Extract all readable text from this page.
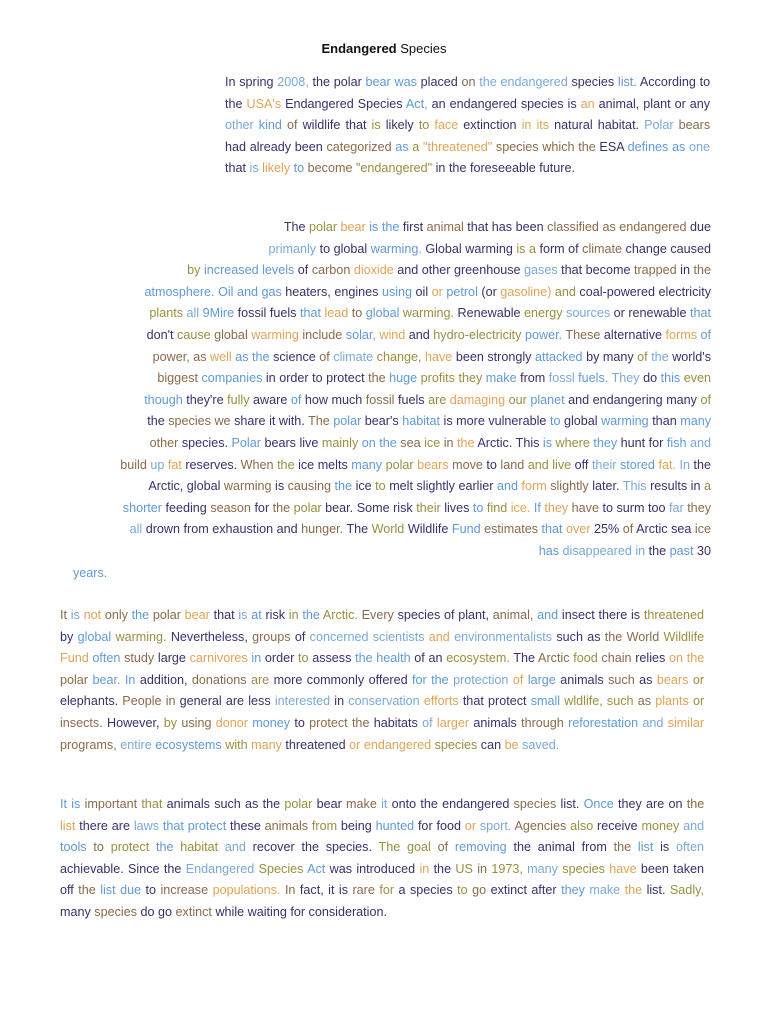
Endangered Species

In spring 2008, the polar bear was placed on the endangered species list. According to the USA's Endangered Species Act, an endangered species is an animal, plant or any other kind of wildlife that is likely to face extinction in its natural habitat. Polar bears had already been categorized as a "threatened" species which the ESA defines as one that is likely to become "endangered" in the foreseeable future.

The polar bear is the first animal that has been classified as endangered due
primanly to global warming. Global warming is a form of climate change caused
by increased levels of carbon dioxide and other greenhouse gases that become trapped in the
atmosphere. Oil and gas heaters, engines using oil or petrol (or gasoline) and coal-powered electricity
plants all 9Mire fossil fuels that lead to global warming. Renewable energy sources or renewable that
don't cause global warming include solar, wind and hydro-electricity power. These alternative forms of
power, as well as the science of climate change, have been strongly attacked by many of the world's
biggest companies in order to protect the huge profits they make from fossl fuels. They do this even
though they're fully aware of how much fossil fuels are damaging our planet and endangering many of
the species we share it with. The polar bear's habitat is more vulnerable to global warming than many
other species. Polar bears live mainly on the sea ice in the Arctic. This is where they hunt for fish and
build up fat reserves. When the ice melts many polar bears move to land and live off their stored fat. In the
Arctic, global warming is causing the ice to melt slightly earlier and form slightly later. This results in a
shorter feeding season for the polar bear. Some risk their lives to find ice. If they have to surm too far they
all drown from exhaustion and hunger. The World Wildlife Fund estimates that over 25% of Arctic sea ice
has disappeared in the past 30
years.

It is not only the polar bear that is at risk in the Arctic. Every species of plant, animal, and insect there is threatened by global warming. Nevertheless, groups of concerned scientists and environmentalists such as the World Wildlife Fund often study large carnivores in order to assess the health of an ecosystem. The Arctic food chain relies on the polar bear. In addition, donations are more commonly offered for the protection of large animals such as bears or elephants. People in general are less interested in conservation efforts that protect small wldlife, such as plants or insects. However, by using donor money to protect the habitats of larger animals through reforestation and similar programs, entire ecosystems with many threatened or endangered species can be saved.

It is important that animals such as the polar bear make it onto the endangered species list. Once they are on the list there are laws that protect these animals from being hunted for food or sport. Agencies also receive money and tools to protect the habitat and recover the species. The goal of removing the animal from the list is often achievable. Since the Endangered Species Act was introduced in the US in 1973, many species have been taken off the list due to increase populations. In fact, it is rare for a species to go extinct after they make the list. Sadly, many species do go extinct while waiting for consideration.
